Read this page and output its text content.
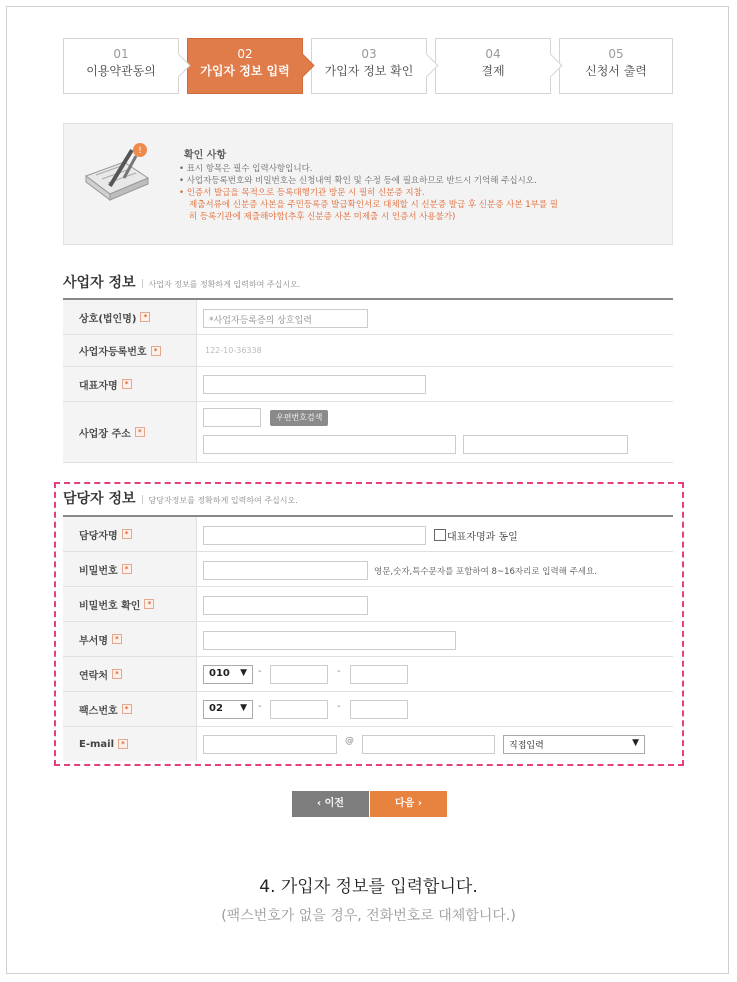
01
이용약관동의
02
가입자 정보 입력
03
가입자 정보 확인
04
결제
05
신청서 출력
!	확인 사항
• 표시 항목은 필수 입력사항입니다.
• 사업자등록번호와 비밀번호는 신청내역 확인 및 수정 등에 필요하므로 반드시 기억해 주십시오.
• 인증서 발급을 목적으로 등록대행기관 방문 시 필히 신분증 지참.
제출서류에 신분증 사본을 주민등록증 발급확인서로 대체할 시 신분증 발급 후 신분증 사본 1부를 필
히 등록기관에 제출해야함(추후 신분증 사본 미제출 시 인증서 사용불가)
사업자 정보 사업자 정보를 정확하게 입력하여 주십시오.
상호(법인명)	*	*사업자등록증의 상호입력
사업자등록번호	*	122-10-36338
대표자명	*
사업장 주소	*
우편번호검색
담당자 정보 담당자정보를 정확하게 입력하여 주십시오.
담당자명	*	대표자명과 동일
비밀번호	*	영문,숫자,특수문자를 포함하여 8~16자리로 입력해 주세요.
비밀번호 확인	*
부서명	*
연락처	*	010 ▼ -	-
팩스번호	*	02 ▼ -	-
E-mail	*	@	직접입력	▼
‹ 이전	다음 ›
4. 가입자 정보를 입력합니다.
(팩스번호가 없을 경우, 전화번호로 대체합니다.)
